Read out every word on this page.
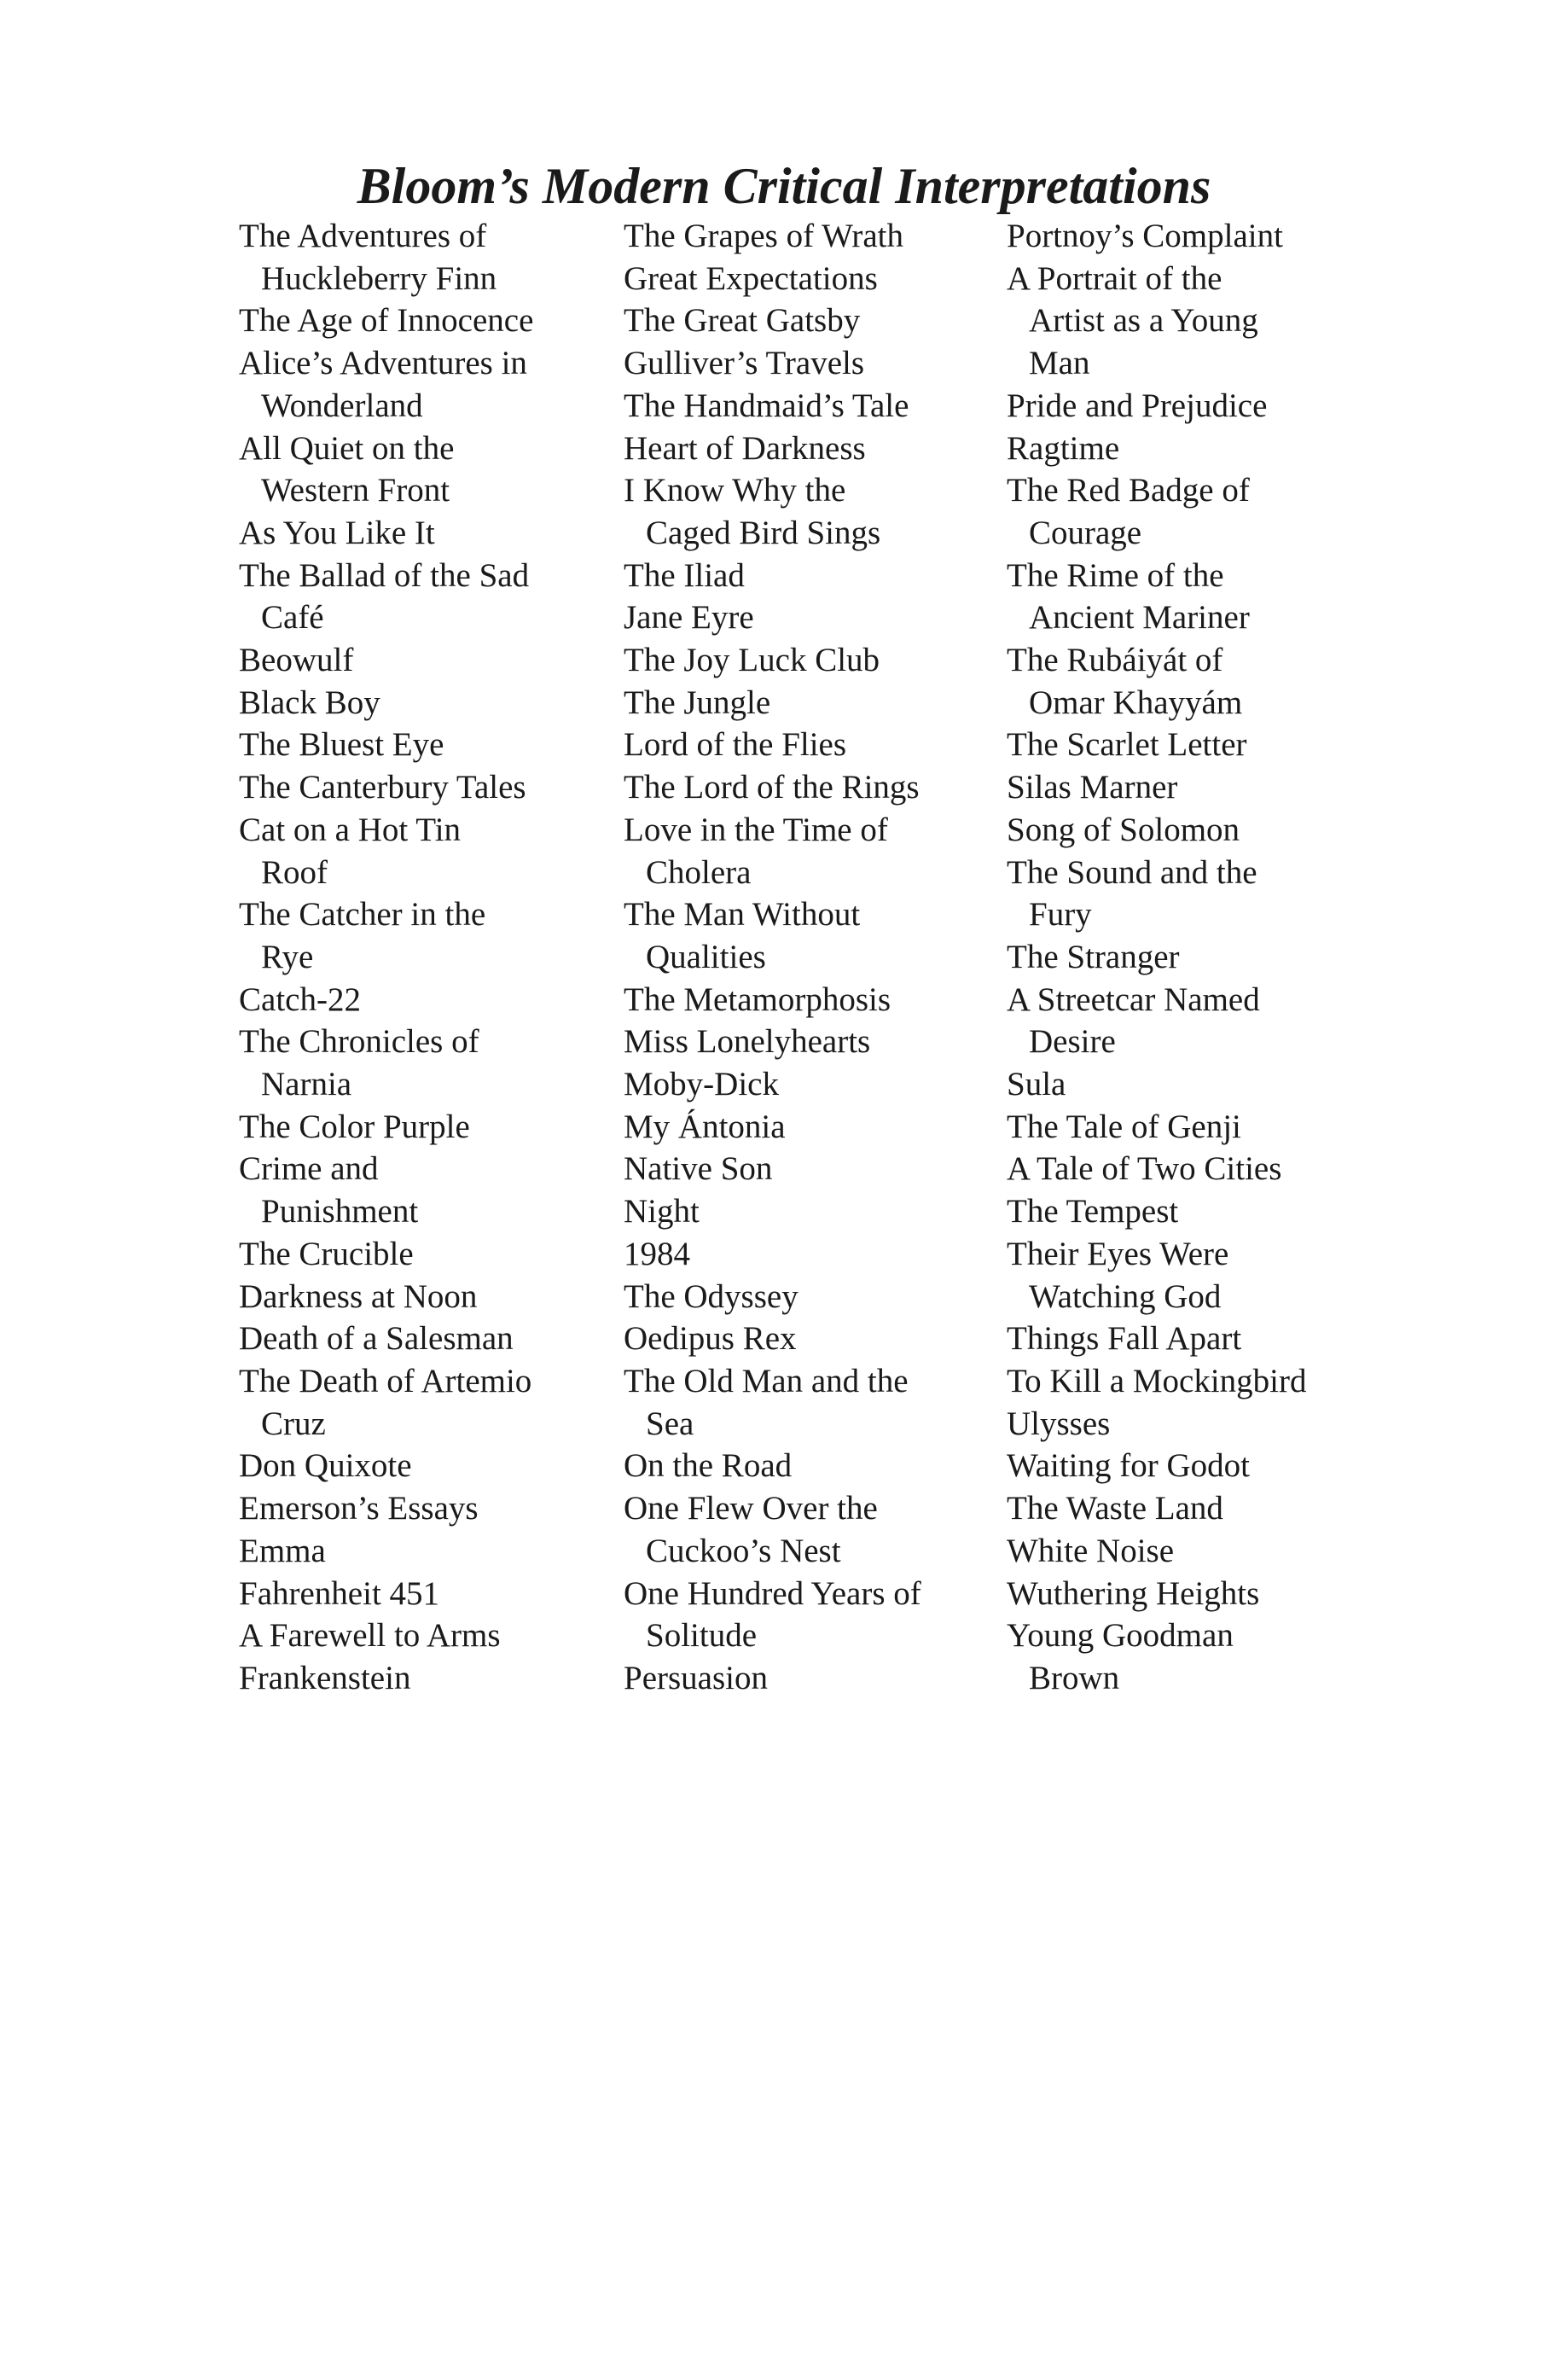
Bloom’s Modern Critical Interpretations
The Adventures of
Huckleberry Finn
The Age of Innocence
Alice’s Adventures in
Wonderland
All Quiet on the
Western Front
As You Like It
The Ballad of the Sad
Café
Beowulf
Black Boy
The Bluest Eye
The Canterbury Tales
Cat on a Hot Tin
Roof
The Catcher in the
Rye
Catch-22
The Chronicles of
Narnia
The Color Purple
Crime and
Punishment
The Crucible
Darkness at Noon
Death of a Salesman
The Death of Artemio
Cruz
Don Quixote
Emerson’s Essays
Emma
Fahrenheit 451
A Farewell to Arms
Frankenstein
The Grapes of Wrath
Great Expectations
The Great Gatsby
Gulliver’s Travels
The Handmaid’s Tale
Heart of Darkness
I Know Why the
Caged Bird Sings
The Iliad
Jane Eyre
The Joy Luck Club
The Jungle
Lord of the Flies
The Lord of the Rings
Love in the Time of
Cholera
The Man Without
Qualities
The Metamorphosis
Miss Lonelyhearts
Moby-Dick
My Ántonia
Native Son
Night
1984
The Odyssey
Oedipus Rex
The Old Man and the
Sea
On the Road
One Flew Over the
Cuckoo’s Nest
One Hundred Years of
Solitude
Persuasion
Portnoy’s Complaint
A Portrait of the
Artist as a Young
Man
Pride and Prejudice
Ragtime
The Red Badge of
Courage
The Rime of the
Ancient Mariner
The Rubáiyát of
Omar Khayyám
The Scarlet Letter
Silas Marner
Song of Solomon
The Sound and the
Fury
The Stranger
A Streetcar Named
Desire
Sula
The Tale of Genji
A Tale of Two Cities
The Tempest
Their Eyes Were
Watching God
Things Fall Apart
To Kill a Mockingbird
Ulysses
Waiting for Godot
The Waste Land
White Noise
Wuthering Heights
Young Goodman
Brown
